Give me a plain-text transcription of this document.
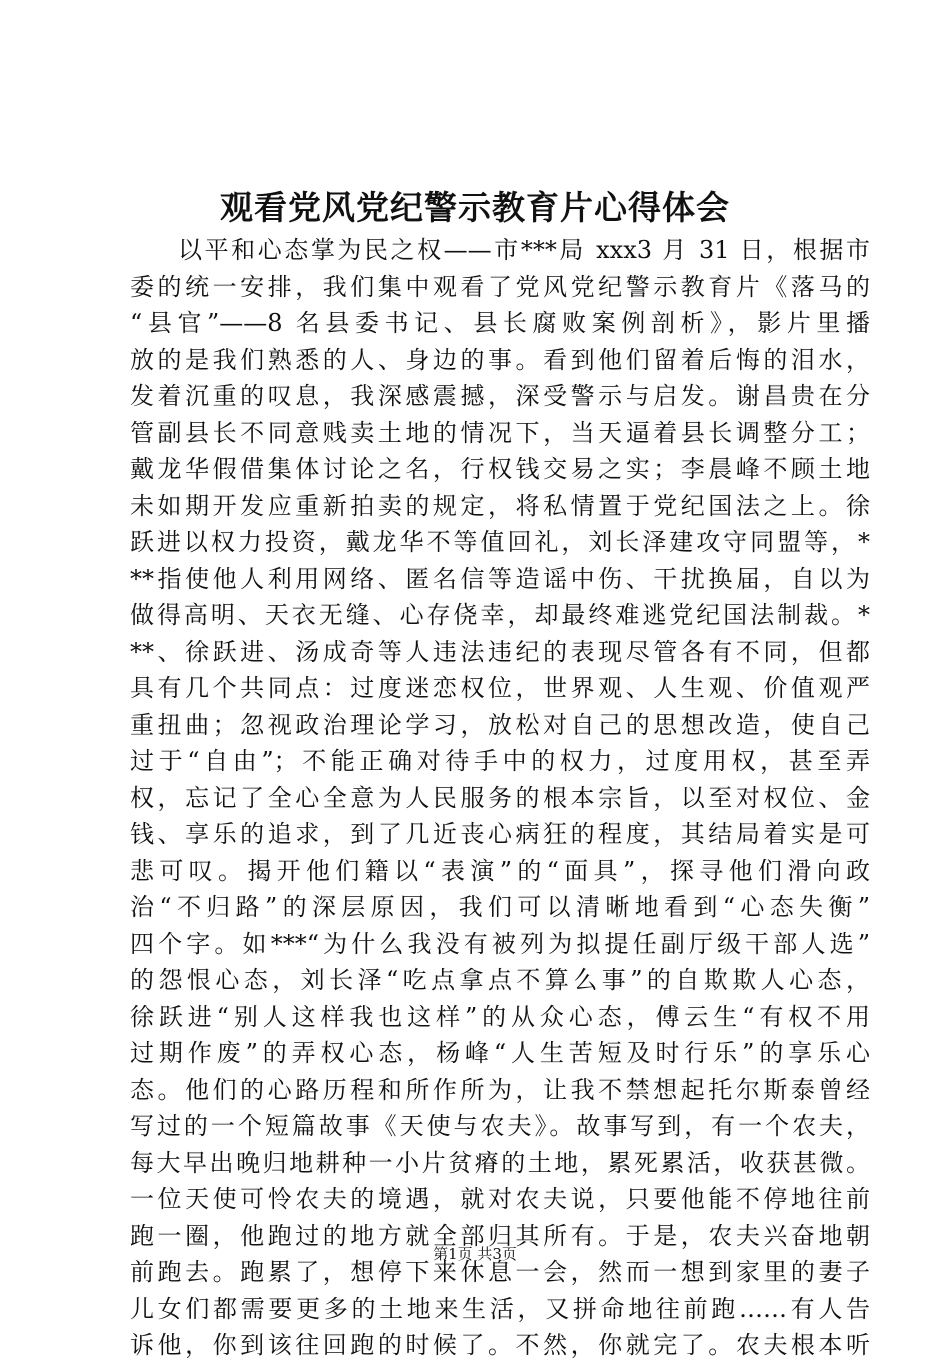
观看党风党纪警示教育片心得体会
以平和心态掌为民之权——市***局 xxx3 月 31 日，根据市
委的统一安排，我们集中观看了党风党纪警示教育片《落马的
“县官”——8 名县委书记、县长腐败案例剖析》，影片里播
放的是我们熟悉的人、身边的事。看到他们留着后悔的泪水，
发着沉重的叹息，我深感震撼，深受警示与启发。谢昌贵在分
管副县长不同意贱卖土地的情况下，当天逼着县长调整分工；
戴龙华假借集体讨论之名，行权钱交易之实；李晨峰不顾土地
未如期开发应重新拍卖的规定，将私情置于党纪国法之上。徐
跃进以权力投资，戴龙华不等值回礼，刘长泽建攻守同盟等，*
**指使他人利用网络、匿名信等造谣中伤、干扰换届，自以为
做得高明、天衣无缝、心存侥幸，却最终难逃党纪国法制裁。*
**、徐跃进、汤成奇等人违法违纪的表现尽管各有不同，但都
具有几个共同点：过度迷恋权位，世界观、人生观、价值观严
重扭曲；忽视政治理论学习，放松对自己的思想改造，使自己
过于“自由”；不能正确对待手中的权力，过度用权，甚至弄
权，忘记了全心全意为人民服务的根本宗旨，以至对权位、金
钱、享乐的追求，到了几近丧心病狂的程度，其结局着实是可
悲可叹。揭开他们籍以“表演”的“面具”，探寻他们滑向政
治“不归路”的深层原因，我们可以清晰地看到“心态失衡”
四个字。如***“为什么我没有被列为拟提任副厅级干部人选”
的怨恨心态，刘长泽“吃点拿点不算么事”的自欺欺人心态，
徐跃进“别人这样我也这样”的从众心态，傅云生“有权不用
过期作废”的弄权心态，杨峰“人生苦短及时行乐”的享乐心
态。他们的心路历程和所作所为，让我不禁想起托尔斯泰曾经
写过的一个短篇故事《天使与农夫》。故事写到，有一个农夫，
每大早出晚归地耕种一小片贫瘠的土地，累死累活，收获甚微。
一位天使可怜农夫的境遇，就对农夫说，只要他能不停地往前
跑一圈，他跑过的地方就全部归其所有。于是，农夫兴奋地朝
前跑去。跑累了，想停下来休息一会，然而一想到家里的妻子
儿女们都需要更多的土地来生活，又拼命地往前跑……有人告
诉他，你到该往回跑的时候了。不然，你就完了。农夫根本听
第1页 共3页
